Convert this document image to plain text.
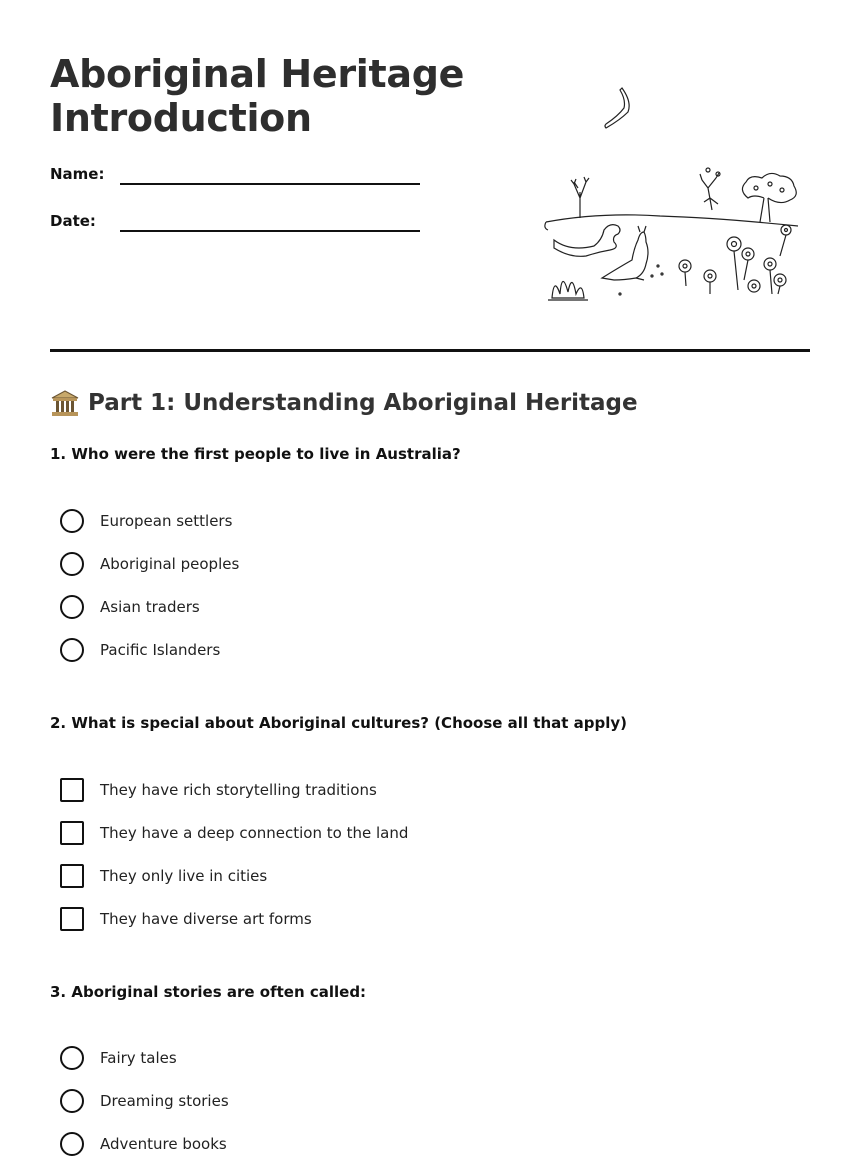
Aboriginal Heritage
Introduction
Name:
Date:
Part 1: Understanding Aboriginal Heritage
1. Who were the first people to live in Australia?
European settlers
Aboriginal peoples
Asian traders
Pacific Islanders
2. What is special about Aboriginal cultures? (Choose all that apply)
They have rich storytelling traditions
They have a deep connection to the land
They only live in cities
They have diverse art forms
3. Aboriginal stories are often called:
Fairy tales
Dreaming stories
Adventure books
